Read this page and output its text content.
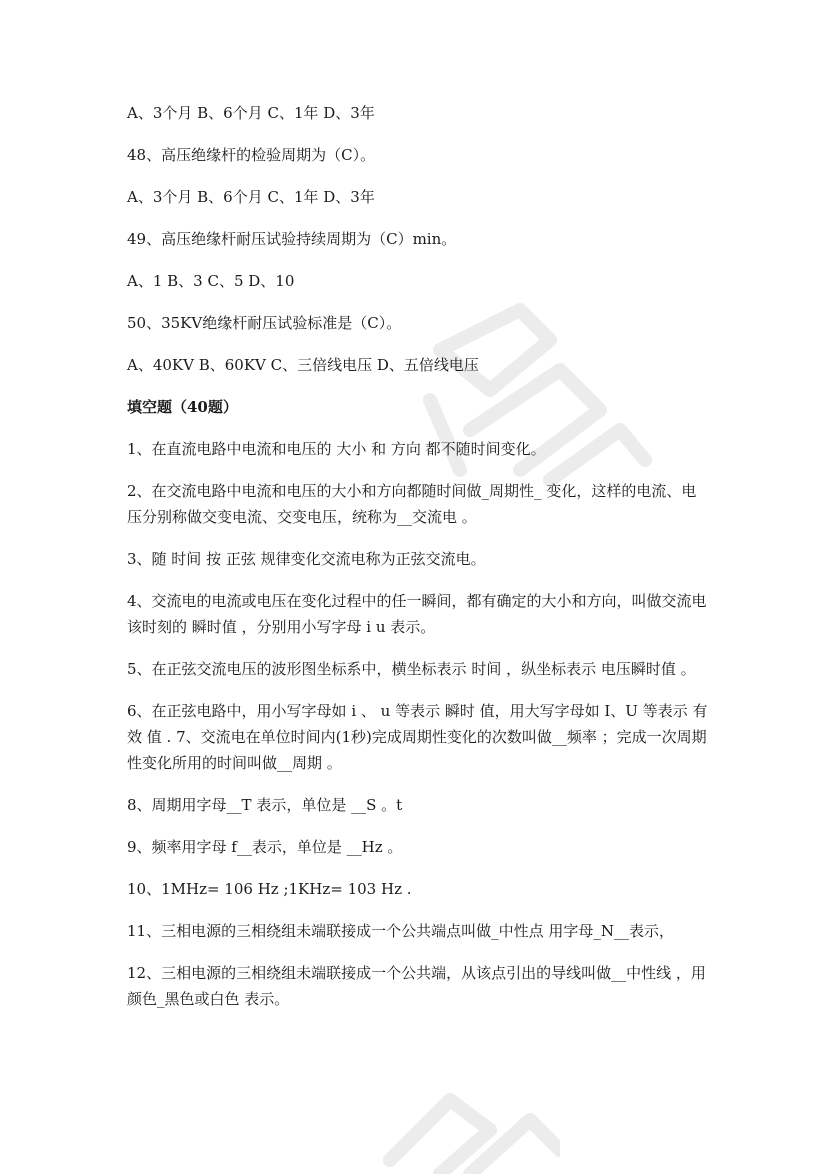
A、3个月 B、6个月 C、1年 D、3年

48、高压绝缘杆的检验周期为（C）。

A、3个月 B、6个月 C、1年 D、3年

49、高压绝缘杆耐压试验持续周期为（C）min。

A、1 B、3 C、5 D、10

50、35KV绝缘杆耐压试验标准是（C）。

A、40KV B、60KV C、三倍线电压 D、五倍线电压

填空题（40题）

1、在直流电路中电流和电压的 大小 和 方向 都不随时间变化。

2、在交流电路中电流和电压的大小和方向都随时间做_周期性_ 变化，这样的电流、电压分别称做交变电流、交变电压，统称为__交流电 。

3、随 时间 按 正弦 规律变化交流电称为正弦交流电。

4、交流电的电流或电压在变化过程中的任一瞬间，都有确定的大小和方向，叫做交流电该时刻的 瞬时值 ，分别用小写字母 i u 表示。

5、在正弦交流电压的波形图坐标系中，横坐标表示 时间 ，纵坐标表示 电压瞬时值 。

6、在正弦电路中，用小写字母如 i 、 u 等表示 瞬时 值，用大写字母如 I、U 等表示 有效 值 . 7、交流电在单位时间内(1秒)完成周期性变化的次数叫做__频率 ；完成一次周期性变化所用的时间叫做__周期 。

8、周期用字母__T 表示，单位是 __S 。t

9、频率用字母 f__表示，单位是 __Hz 。

10、1MHz= 106 Hz ;1KHz= 103 Hz .

11、三相电源的三相绕组未端联接成一个公共端点叫做_中性点 用字母_N__表示，

12、三相电源的三相绕组未端联接成一个公共端，从该点引出的导线叫做__中性线 ，用颜色_黑色或白色 表示。
